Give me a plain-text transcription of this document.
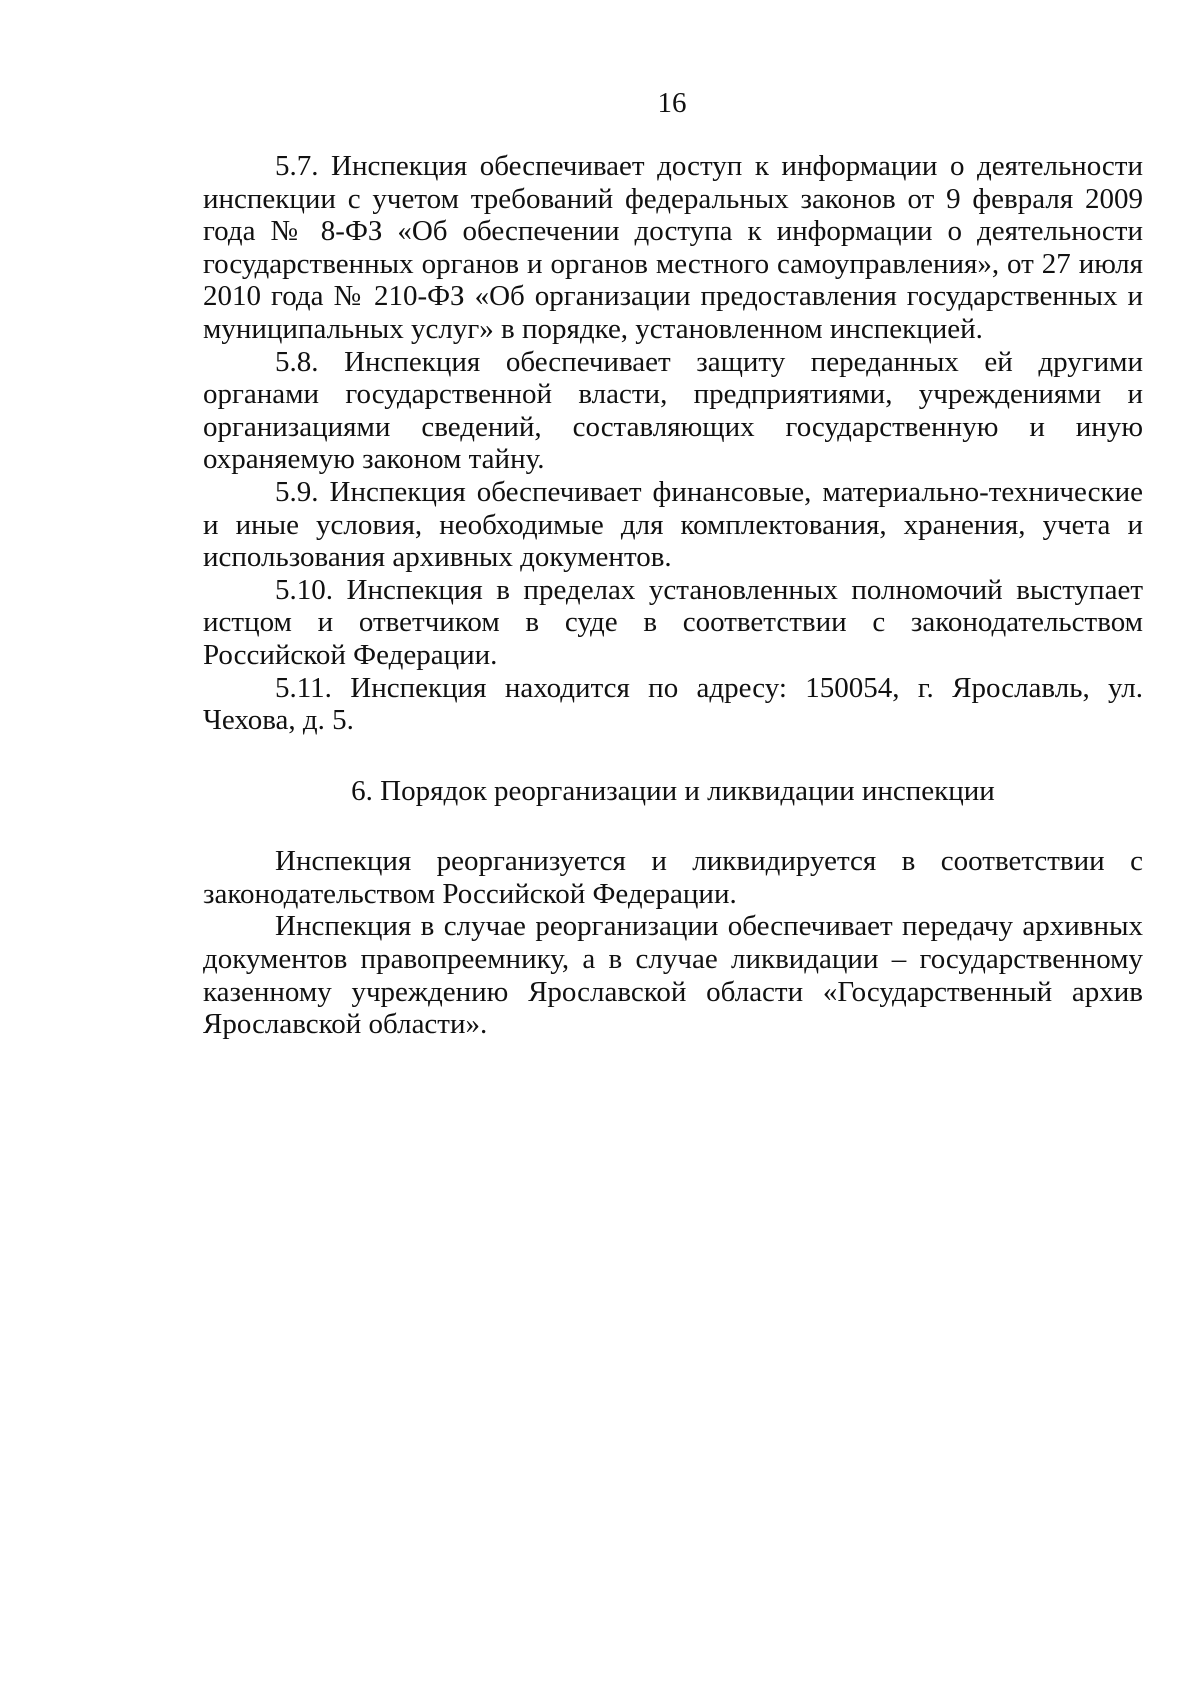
16

5.7. Инспекция обеспечивает доступ к информации о деятельности инспекции с учетом требований федеральных законов от 9 февраля 2009 года № 8-ФЗ «Об обеспечении доступа к информации о деятельности государственных органов и органов местного самоуправления», от 27 июля 2010 года № 210-ФЗ «Об организации предоставления государственных и муниципальных услуг» в порядке, установленном инспекцией.

5.8. Инспекция обеспечивает защиту переданных ей другими органами государственной власти, предприятиями, учреждениями и организациями сведений, составляющих государственную и иную охраняемую законом тайну.

5.9. Инспекция обеспечивает финансовые, материально-технические и иные условия, необходимые для комплектования, хранения, учета и использования архивных документов.

5.10. Инспекция в пределах установленных полномочий выступает истцом и ответчиком в суде в соответствии с законодательством Российской Федерации.

5.11. Инспекция находится по адресу: 150054, г. Ярославль, ул. Чехова, д. 5.

6. Порядок реорганизации и ликвидации инспекции

Инспекция реорганизуется и ликвидируется в соответствии с законодательством Российской Федерации.

Инспекция в случае реорганизации обеспечивает передачу архивных документов правопреемнику, а в случае ликвидации – государственному казенному учреждению Ярославской области «Государственный архив Ярославской области».
